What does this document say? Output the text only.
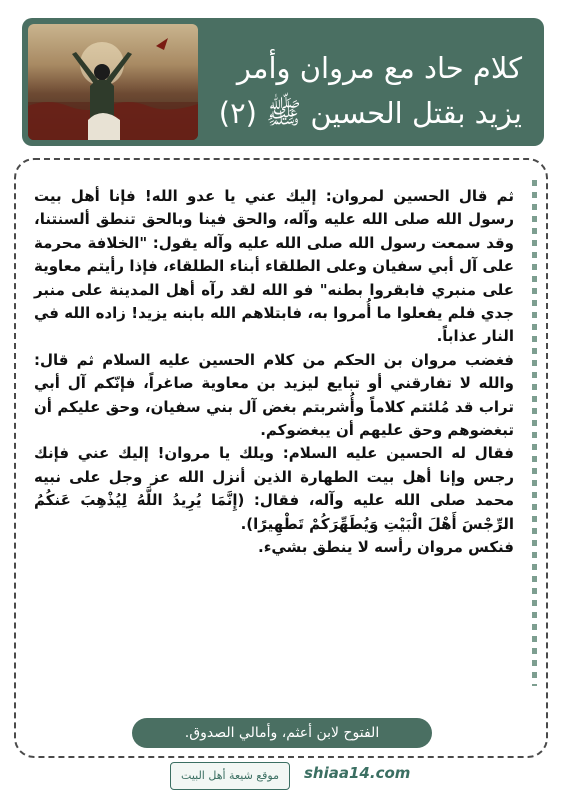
كلام حاد مع مروان وأمر
يزيد بقتل الحسين ﷺ (٢)

ثم قال الحسين لمروان: إليك عني يا عدو الله! فإنا أهل بيت رسول الله صلى الله عليه وآله، والحق فينا وبالحق تنطق ألسنتنا، وقد سمعت رسول الله صلى الله عليه وآله يقول: "الخلافة محرمة على آل أبي سفيان وعلى الطلقاء أبناء الطلقاء، فإذا رأيتم معاوية على منبري فابقروا بطنه" فو الله لقد رآه أهل المدينة على منبر جدي فلم يفعلوا ما أُمروا به، فابتلاهم الله بابنه يزيد! زاده الله في النار عذاباً.

فغضب مروان بن الحكم من كلام الحسين عليه السلام ثم قال: والله لا تفارقني أو تبايع ليزيد بن معاوية صاغراً، فإنّكم آل أبي تراب قد مُلئتم كلاماً وأُشربتم بغض آل بني سفيان، وحق عليكم أن تبغضوهم وحق عليهم أن يبغضوكم.

فقال له الحسين عليه السلام: ويلك يا مروان! إليك عني فإنك رجس وإنا أهل بيت الطهارة الذين أنزل الله عز وجل على نبيه محمد صلى الله عليه وآله، فقال: (إِنَّمَا يُرِيدُ اللَّهُ لِيُذْهِبَ عَنكُمُ الرِّجْسَ أَهْلَ الْبَيْتِ وَيُطَهِّرَكُمْ تَطْهِيرًا).

فنكس مروان رأسه لا ينطق بشيء.

الفتوح لابن أعثم، وأمالي الصدوق.
موقع شيعة أهل البيت	shiaa14.com
